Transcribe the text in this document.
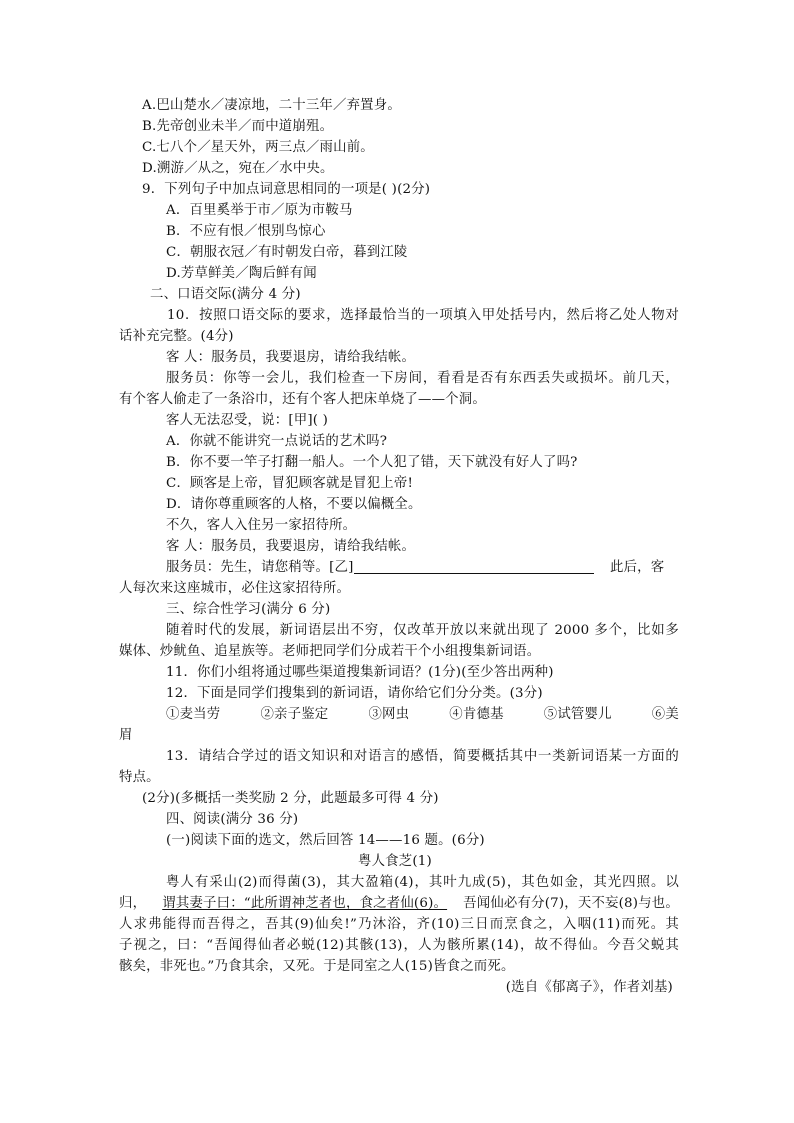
A.巴山楚水／凄凉地，二十三年／弃置身。
B.先帝创业未半／而中道崩殂。
C.七八个／星天外，两三点／雨山前。
D.溯游／从之，宛在／水中央。
9．下列句子中加点词意思相同的一项是( )(2分)
A．百里奚举于市／原为市鞍马
B．不应有恨／恨别鸟惊心
C．朝服衣冠／有时朝发白帝，暮到江陵
D.芳草鲜美／陶后鲜有闻
二、口语交际(满分 4 分)
10．按照口语交际的要求，选择最恰当的一项填入甲处括号内，然后将乙处人物对
话补充完整。(4分)
客 人：服务员，我要退房，请给我结帐。
服务员：你等一会儿，我们检查一下房间，看看是否有东西丢失或损坏。前几天，
有个客人偷走了一条浴巾，还有个客人把床单烧了——个洞。
客人无法忍受，说：[甲]( )
A．你就不能讲究一点说话的艺术吗?
B．你不要一竿子打翻一船人。一个人犯了错，天下就没有好人了吗?
C．顾客是上帝，冒犯顾客就是冒犯上帝!
D．请你尊重顾客的人格，不要以偏概全。
不久，客人入住另一家招待所。
客 人：服务员，我要退房，请给我结帐。
服务员：先生，请您稍等。[乙]	此后，客
人每次来这座城市，必住这家招待所。
三、综合性学习(满分 6 分)
随着时代的发展，新词语层出不穷，仅改革开放以来就出现了 2000 多个，比如多
媒体、炒鱿鱼、追星族等。老师把同学们分成若干个小组搜集新词语。
11．你们小组将通过哪些渠道搜集新词语？(1分)(至少答出两种)
12．下面是同学们搜集到的新词语，请你给它们分分类。(3分)
①麦当劳	②亲子鉴定	③网虫	④肯德基	⑤试管婴儿	⑥美
眉
13．请结合学过的语文知识和对语言的感悟，简要概括其中一类新词语某一方面的
特点。
(2分)(多概括一类奖励 2 分，此题最多可得 4 分)
四、阅读(满分 36 分)
(一)阅读下面的选文，然后回答 14——16 题。(6分)
粤人食芝(1)
粤人有采山(2)而得菌(3)，其大盈箱(4)，其叶九成(5)，其色如金，其光四照。以
归， 谓其妻子曰：“此所谓神芝者也，食之者仙(6)。 吾闻仙必有分(7)，天不妄(8)与也。
人求弗能得而吾得之，吾其(9)仙矣!”乃沐浴，齐(10)三日而烹食之，入咽(11)而死。其
子视之，曰：“吾闻得仙者必蜕(12)其骸(13)，人为骸所累(14)，故不得仙。今吾父蜕其
骸矣，非死也。”乃食其余，又死。于是同室之人(15)皆食之而死。
(选自《郁离子》，作者刘基)
